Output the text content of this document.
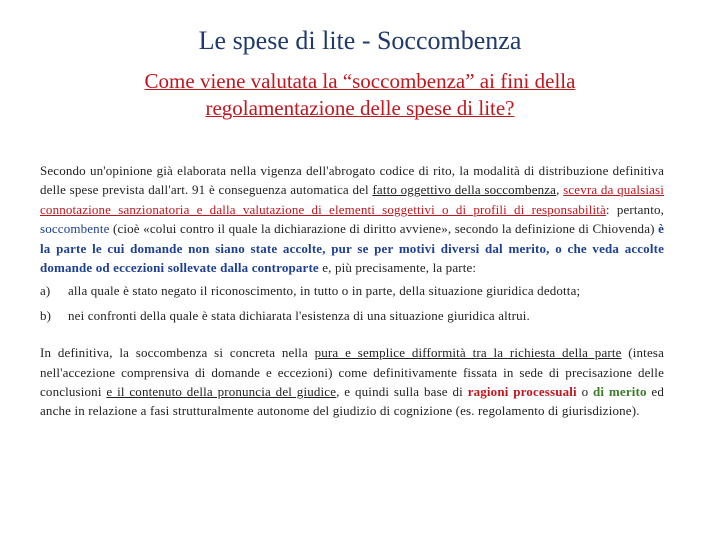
Le spese di lite - Soccombenza
Come viene valutata la “soccombenza” ai fini della regolamentazione delle spese di lite?

Secondo un'opinione già elaborata nella vigenza dell'abrogato codice di rito, la modalità di distribuzione definitiva delle spese prevista dall'art. 91 è conseguenza automatica del fatto oggettivo della soccombenza, scevra da qualsiasi connotazione sanzionatoria e dalla valutazione di elementi soggettivi o di profili di responsabilità: pertanto, soccombente (cioè «colui contro il quale la dichiarazione di diritto avviene», secondo la definizione di Chiovenda) è la parte le cui domande non siano state accolte, pur se per motivi diversi dal merito, o che veda accolte domande od eccezioni sollevate dalla controparte e, più precisamente, la parte:

a) alla quale è stato negato il riconoscimento, in tutto o in parte, della situazione giuridica dedotta;
b) nei confronti della quale è stata dichiarata l'esistenza di una situazione giuridica altrui.

In definitiva, la soccombenza si concreta nella pura e semplice difformità tra la richiesta della parte (intesa nell'accezione comprensiva di domande e eccezioni) come definitivamente fissata in sede di precisazione delle conclusioni e il contenuto della pronuncia del giudice, e quindi sulla base di ragioni processuali o di merito ed anche in relazione a fasi strutturalmente autonome del giudizio di cognizione (es. regolamento di giurisdizione).
